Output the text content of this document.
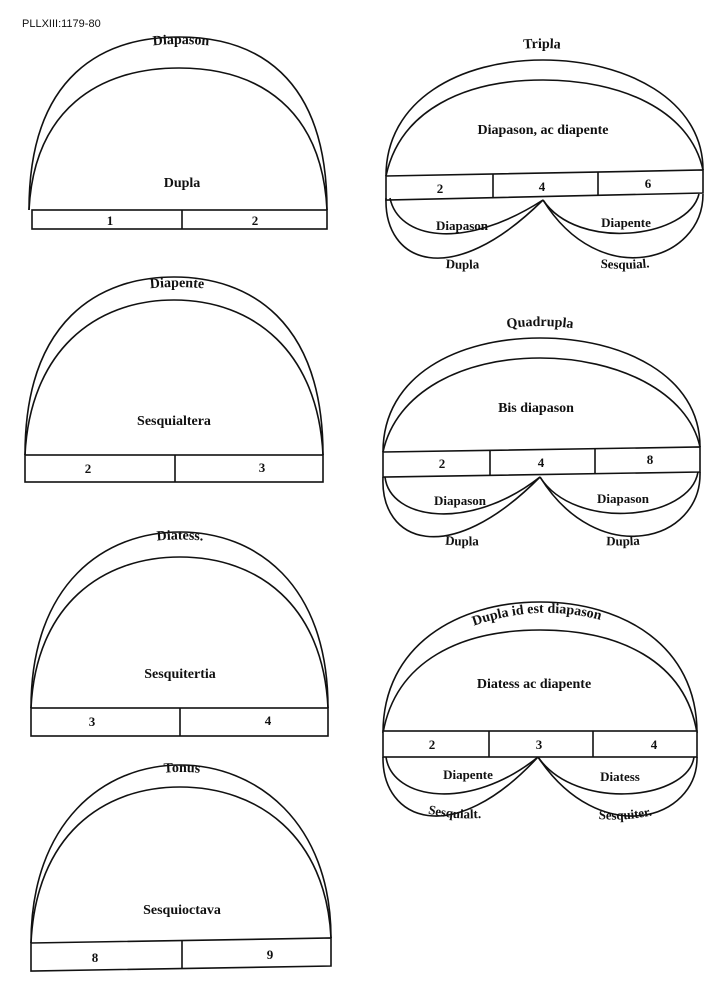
PLLXIII:1179-80
Diapason
Dupla
1	2
Diapente
Sesquialtera
2	3
Diatess.
Sesquitertia
3	4
Tonus
Sesquioctava
8	9
Tripla
Diapason, ac diapente
2	4	6
Diapason	Diapente
Dupla	Sesquial.
Quadrupla
Bis diapason
2	4	8
Diapason	Diapason
Dupla	Dupla
Dupla id est diapason
Diatess ac diapente
2	3	4
Diapente	Diatess
Sesquialt.	Sesquiter.
